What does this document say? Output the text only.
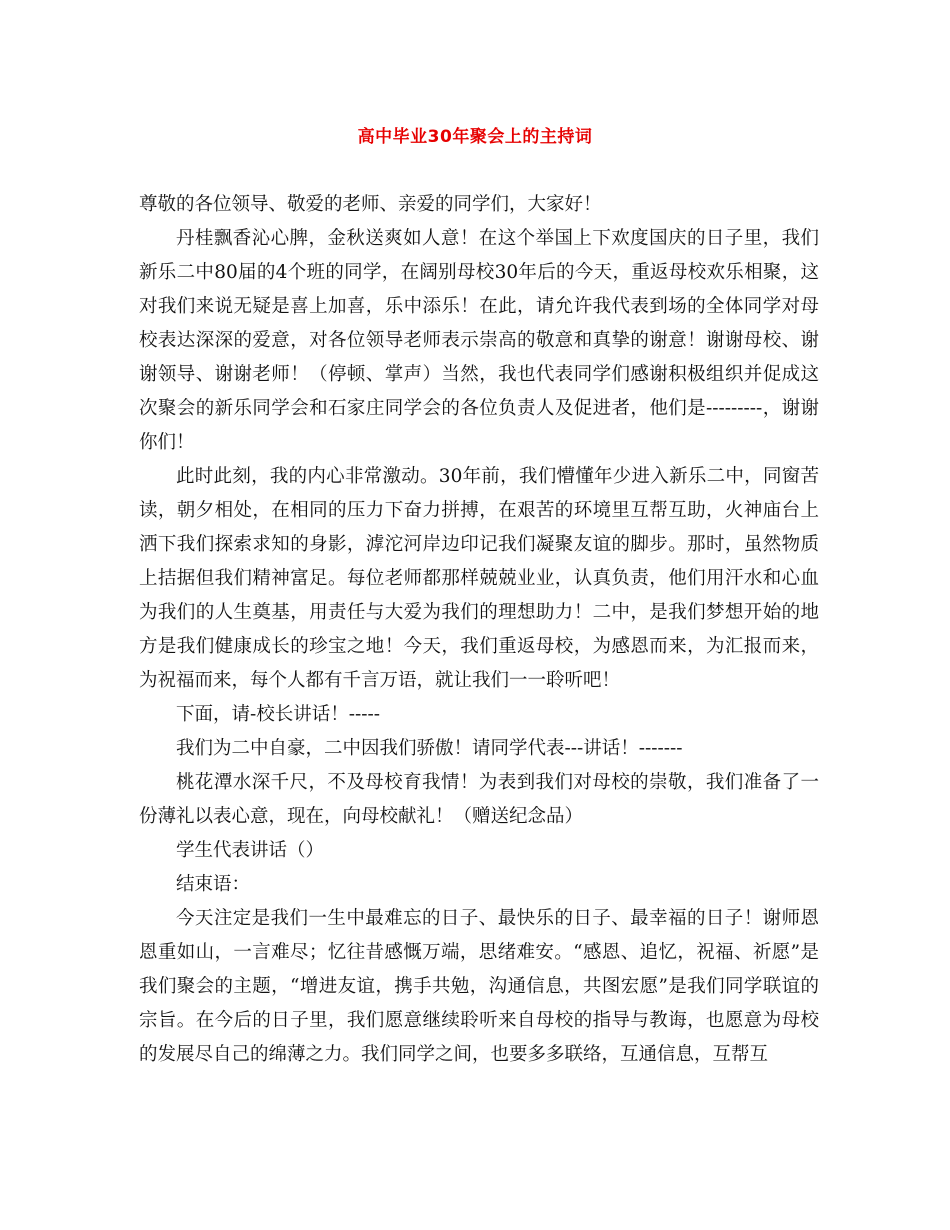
高中毕业30年聚会上的主持词

尊敬的各位领导、敬爱的老师、亲爱的同学们，大家好！

丹桂飘香沁心脾，金秋送爽如人意！在这个举国上下欢度国庆的日子里，我们新乐二中80届的4个班的同学，在阔别母校30年后的今天，重返母校欢乐相聚，这对我们来说无疑是喜上加喜，乐中添乐！在此，请允许我代表到场的全体同学对母校表达深深的爱意，对各位领导老师表示崇高的敬意和真挚的谢意！谢谢母校、谢谢领导、谢谢老师！（停顿、掌声）当然，我也代表同学们感谢积极组织并促成这次聚会的新乐同学会和石家庄同学会的各位负责人及促进者，他们是---------，谢谢你们！

此时此刻，我的内心非常激动。30年前，我们懵懂年少进入新乐二中，同窗苦读，朝夕相处，在相同的压力下奋力拼搏，在艰苦的环境里互帮互助，火神庙台上洒下我们探索求知的身影，滹沱河岸边印记我们凝聚友谊的脚步。那时，虽然物质上拮据但我们精神富足。每位老师都那样兢兢业业，认真负责，他们用汗水和心血为我们的人生奠基，用责任与大爱为我们的理想助力！二中，是我们梦想开始的地方是我们健康成长的珍宝之地！今天，我们重返母校，为感恩而来，为汇报而来，为祝福而来，每个人都有千言万语，就让我们一一聆听吧！

下面，请-校长讲话！-----

我们为二中自豪，二中因我们骄傲！请同学代表---讲话！-------

桃花潭水深千尺，不及母校育我情！为表到我们对母校的崇敬，我们准备了一份薄礼以表心意，现在，向母校献礼！（赠送纪念品）

学生代表讲话（）

结束语：

今天注定是我们一生中最难忘的日子、最快乐的日子、最幸福的日子！谢师恩恩重如山，一言难尽；忆往昔感慨万端，思绪难安。“感恩、追忆，祝福、祈愿”是我们聚会的主题，“增进友谊，携手共勉，沟通信息，共图宏愿”是我们同学联谊的宗旨。在今后的日子里，我们愿意继续聆听来自母校的指导与教诲，也愿意为母校的发展尽自己的绵薄之力。我们同学之间，也要多多联络，互通信息，互帮互
